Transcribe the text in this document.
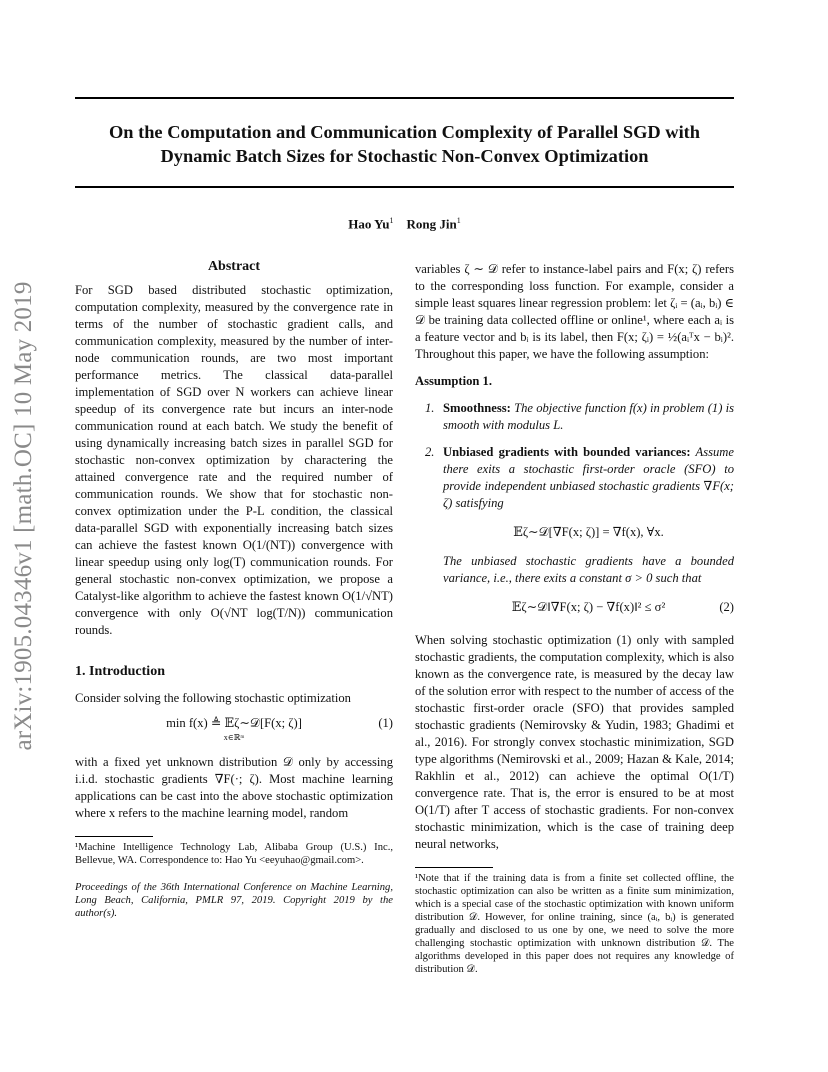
arXiv:1905.04346v1 [math.OC] 10 May 2019
On the Computation and Communication Complexity of Parallel SGD with
Dynamic Batch Sizes for Stochastic Non-Convex Optimization
Hao Yu$^1$ Rong Jin$^1$
Abstract

For SGD based distributed stochastic optimization, computation complexity, measured by the convergence rate in terms of the number of stochastic gradient calls, and communication complexity, measured by the number of inter-node communication rounds, are two most important performance metrics. The classical data-parallel implementation of SGD over N workers can achieve linear speedup of its convergence rate but incurs an inter-node communication round at each batch. We study the benefit of using dynamically increasing batch sizes in parallel SGD for stochastic non-convex optimization by charactering the attained convergence rate and the required number of communication rounds. We show that for stochastic non-convex optimization under the P-L condition, the classical data-parallel SGD with exponentially increasing batch sizes can achieve the fastest known O(1/(NT)) convergence with linear speedup using only log(T) communication rounds. For general stochastic non-convex optimization, we propose a Catalyst-like algorithm to achieve the fastest known O(1/√NT) convergence with only O(√NT log(T/N)) communication rounds.

1. Introduction

Consider solving the following stochastic optimization

min f(x) ≜ 𝔼ζ∼𝒟[F(x; ζ)]
x∈ℝᵐ
(1)

with a fixed yet unknown distribution 𝒟 only by accessing i.i.d. stochastic gradients ∇F(·; ζ). Most machine learning applications can be cast into the above stochastic optimization where x refers to the machine learning model, random

¹Machine Intelligence Technology Lab, Alibaba Group (U.S.) Inc., Bellevue, WA. Correspondence to: Hao Yu <eeyuhao@gmail.com>.
Proceedings of the 36th International Conference on Machine Learning, Long Beach, California, PMLR 97, 2019. Copyright 2019 by the author(s).

variables ζ ∼ 𝒟 refer to instance-label pairs and F(x; ζ) refers to the corresponding loss function. For example, consider a simple least squares linear regression problem: let ζᵢ = (aᵢ, bᵢ) ∈ 𝒟 be training data collected offline or online¹, where each aᵢ is a feature vector and bᵢ is its label, then F(x; ζᵢ) = ½(aᵢᵀx − bᵢ)². Throughout this paper, we have the following assumption:

Assumption 1.
1. Smoothness: The objective function f(x) in problem (1) is smooth with modulus L.
2. Unbiased gradients with bounded variances: Assume there exits a stochastic first-order oracle (SFO) to provide independent unbiased stochastic gradients ∇F(x; ζ) satisfying
𝔼ζ∼𝒟[∇F(x; ζ)] = ∇f(x), ∀x.
The unbiased stochastic gradients have a bounded variance, i.e., there exits a constant σ > 0 such that
𝔼ζ∼𝒟‖∇F(x; ζ) − ∇f(x)‖² ≤ σ²	(2)

When solving stochastic optimization (1) only with sampled stochastic gradients, the computation complexity, which is also known as the convergence rate, is measured by the decay law of the solution error with respect to the number of access of the stochastic first-order oracle (SFO) that provides sampled stochastic gradients (Nemirovsky & Yudin, 1983; Ghadimi et al., 2016). For strongly convex stochastic minimization, SGD type algorithms (Nemirovski et al., 2009; Hazan & Kale, 2014; Rakhlin et al., 2012) can achieve the optimal O(1/T) convergence rate. That is, the error is ensured to be at most O(1/T) after T access of stochastic gradients. For non-convex stochastic minimization, which is the case of training deep neural networks,

¹Note that if the training data is from a finite set collected offline, the stochastic optimization can also be written as a finite sum minimization, which is a special case of the stochastic optimization with known uniform distribution 𝒟. However, for online training, since (aᵢ, bᵢ) is generated gradually and disclosed to us one by one, we need to solve the more challenging stochastic optimization with unknown distribution 𝒟. The algorithms developed in this paper does not requires any knowledge of distribution 𝒟.
